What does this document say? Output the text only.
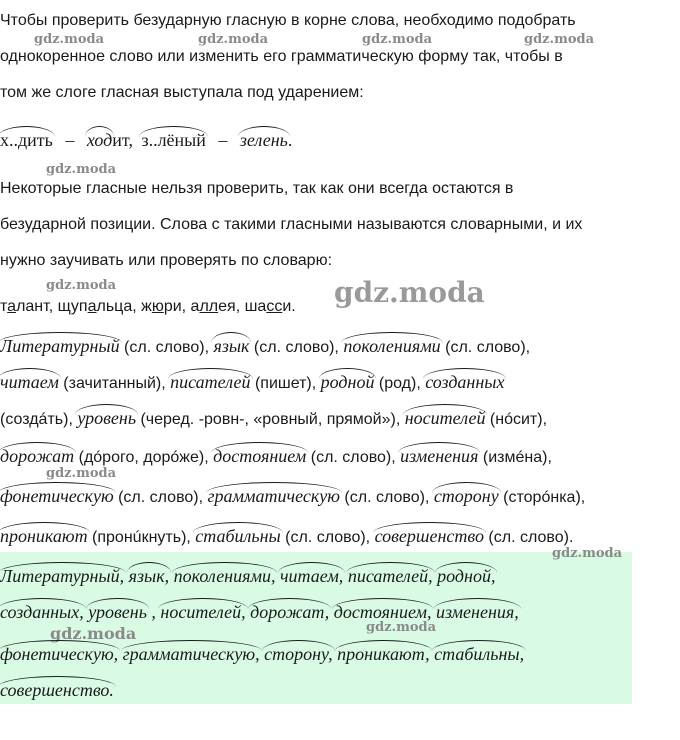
gdz.moda	gdz.moda	gdz.moda	gdz.moda
gdz.moda
gdz.moda
gdz.moda
Чтобы проверить безударную гласную в корне слова, необходимо подобрать
однокоренное слово или изменить его грамматическую форму так, чтобы в
том же слоге гласная выступала под ударением:
х..дить – ходит, з..лёный – зелень.
Некоторые гласные нельзя проверить, так как они всегда остаются в
безударной позиции. Слова с такими гласными называются словарными, и их
нужно заучивать или проверять по словарю:
талант, щупальца, жюри, аллея, шасси. gdz.moda
Литературный (сл. слово), язык (сл. слово), поколениями (сл. слово),
читаем (зачитанный), писателей (пишет), родной (род), созданных
(создáть), уровень (черед. -ровн-, «ровный, прямой»), носителей (нóсит),
дорожат (дóрого, дорóже), достоянием (сл. слово), изменения (измéна),
фонетическую (сл. слово), грамматическую (сл. слово), сторону (сторóнка),
проникают (пронúкнуть), стабильны (сл. слово), совершенство (сл. слово).
gdz.moda
gdz.moda
gdz.moda
Литературный, язык, поколениями, читаем, писателей, родной,
созданных, уровень , носителей, дорожат, достоянием, изменения,
фонетическую, грамматическую, сторону, проникают, стабильны,
совершенство.
